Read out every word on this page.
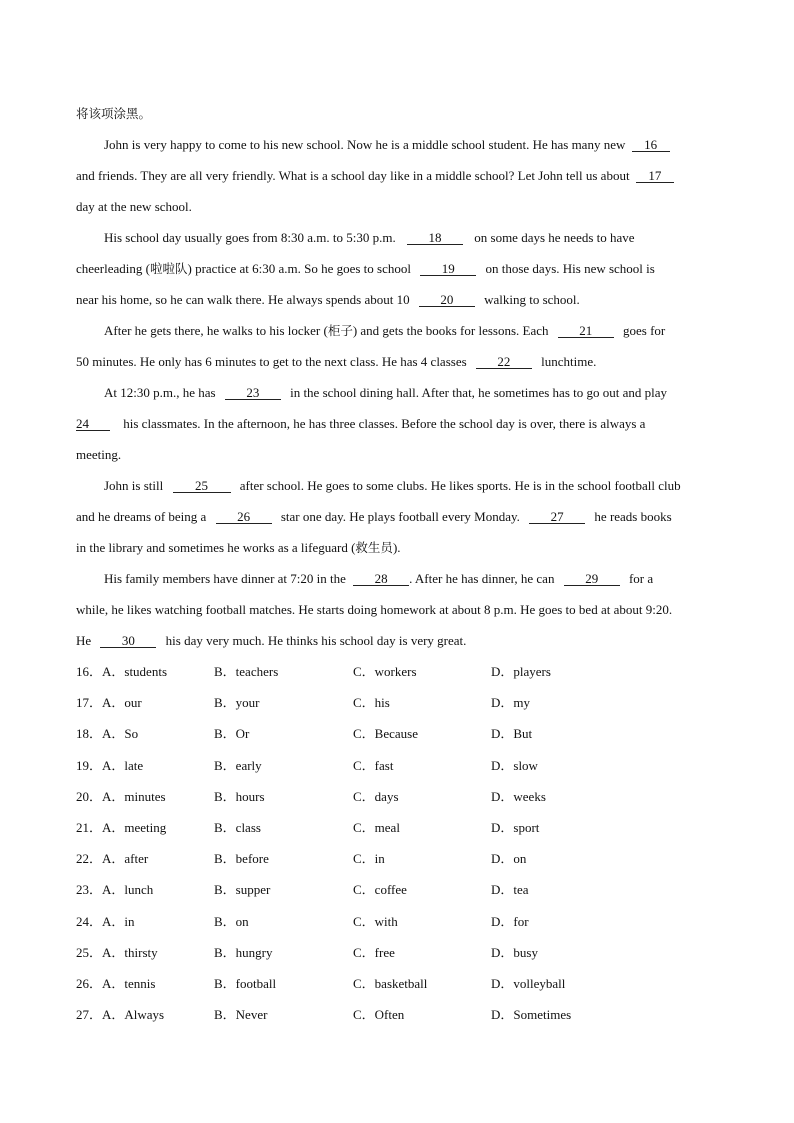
将该项涂黑。
John is very happy to come to his new school. Now he is a middle school student. He has many new 16
and friends. They are all very friendly. What is a school day like in a middle school? Let John tell us about 17
day at the new school.
His school day usually goes from 8:30 a.m. to 5:30 p.m.	18	on some days he needs to have
cheerleading (啦啦队) practice at 6:30 a.m. So he goes to school 19 on those days. His new school is
near his home, so he can walk there. He always spends about 10 20 walking to school.
After he gets there, he walks to his locker (柜子) and gets the books for lessons. Each 21 goes for
50 minutes. He only has 6 minutes to get to the next class. He has 4 classes 22 lunchtime.
At 12:30 p.m., he has 23 in the school dining hall. After that, he sometimes has to go out and play
24	his classmates. In the afternoon, he has three classes. Before the school day is over, there is always a
meeting.
John is still 25 after school. He goes to some clubs. He likes sports. He is in the school football club
and he dreams of being a 26 star one day. He plays football every Monday. 27 he reads books
in the library and sometimes he works as a lifeguard (救生员).
His family members have dinner at 7:20 in the 28 . After he has dinner, he can 29 for a
while, he likes watching football matches. He starts doing homework at about 8 p.m. He goes to bed at about 9:20.
He 30 his day very much. He thinks his school day is very great.
16．A．students	B．teachers	C．workers	D．players
17．A．our	B．your	C．his	D．my
18．A．So	B．Or	C．Because	D．But
19．A．late	B．early	C．fast	D．slow
20．A．minutes	B．hours	C．days	D．weeks
21．A．meeting	B．class	C．meal	D．sport
22．A．after	B．before	C．in	D．on
23．A．lunch	B．supper	C．coffee	D．tea
24．A．in	B．on	C．with	D．for
25．A．thirsty	B．hungry	C．free	D．busy
26．A．tennis	B．football	C．basketball	D．volleyball
27．A．Always	B．Never	C．Often	D．Sometimes
